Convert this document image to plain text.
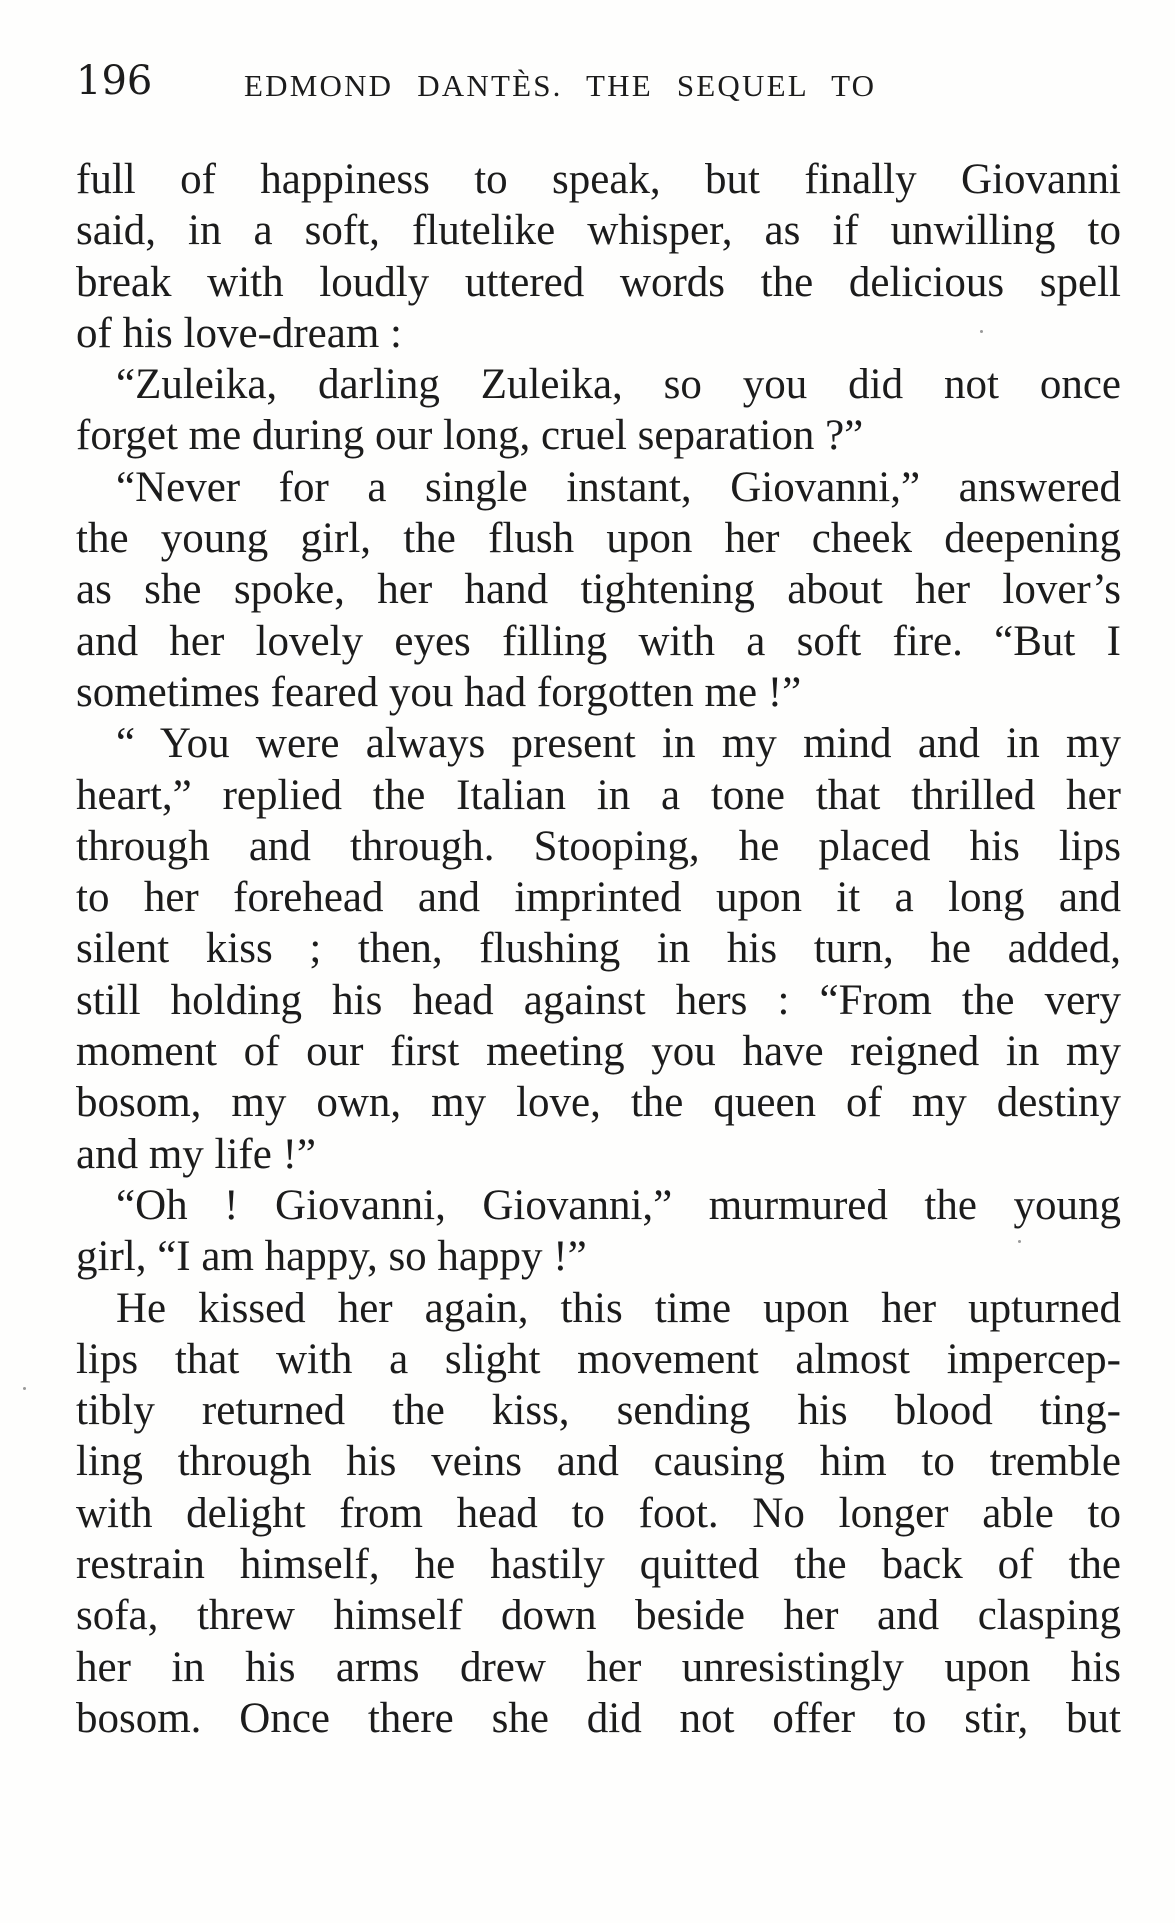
196	EDMOND DANTÈS. THE SEQUEL TO
full of happiness to speak, but finally Giovanni
said, in a soft, flutelike whisper, as if unwilling to
break with loudly uttered words the delicious spell
of his love-dream :
“Zuleika, darling Zuleika, so you did not once
forget me during our long, cruel separation ?”
“Never for a single instant, Giovanni,” answered
the young girl, the flush upon her cheek deepening
as she spoke, her hand tightening about her lover’s
and her lovely eyes filling with a soft fire. “But I
sometimes feared you had forgotten me !”
“ You were always present in my mind and in my
heart,” replied the Italian in a tone that thrilled her
through and through. Stooping, he placed his lips
to her forehead and imprinted upon it a long and
silent kiss ; then, flushing in his turn, he added,
still holding his head against hers : “From the very
moment of our first meeting you have reigned in my
bosom, my own, my love, the queen of my destiny
and my life !”
“Oh ! Giovanni, Giovanni,” murmured the young
girl, “I am happy, so happy !”
He kissed her again, this time upon her upturned
lips that with a slight movement almost impercep-
tibly returned the kiss, sending his blood ting-
ling through his veins and causing him to tremble
with delight from head to foot. No longer able to
restrain himself, he hastily quitted the back of the
sofa, threw himself down beside her and clasping
her in his arms drew her unresistingly upon his
bosom. Once there she did not offer to stir, but
